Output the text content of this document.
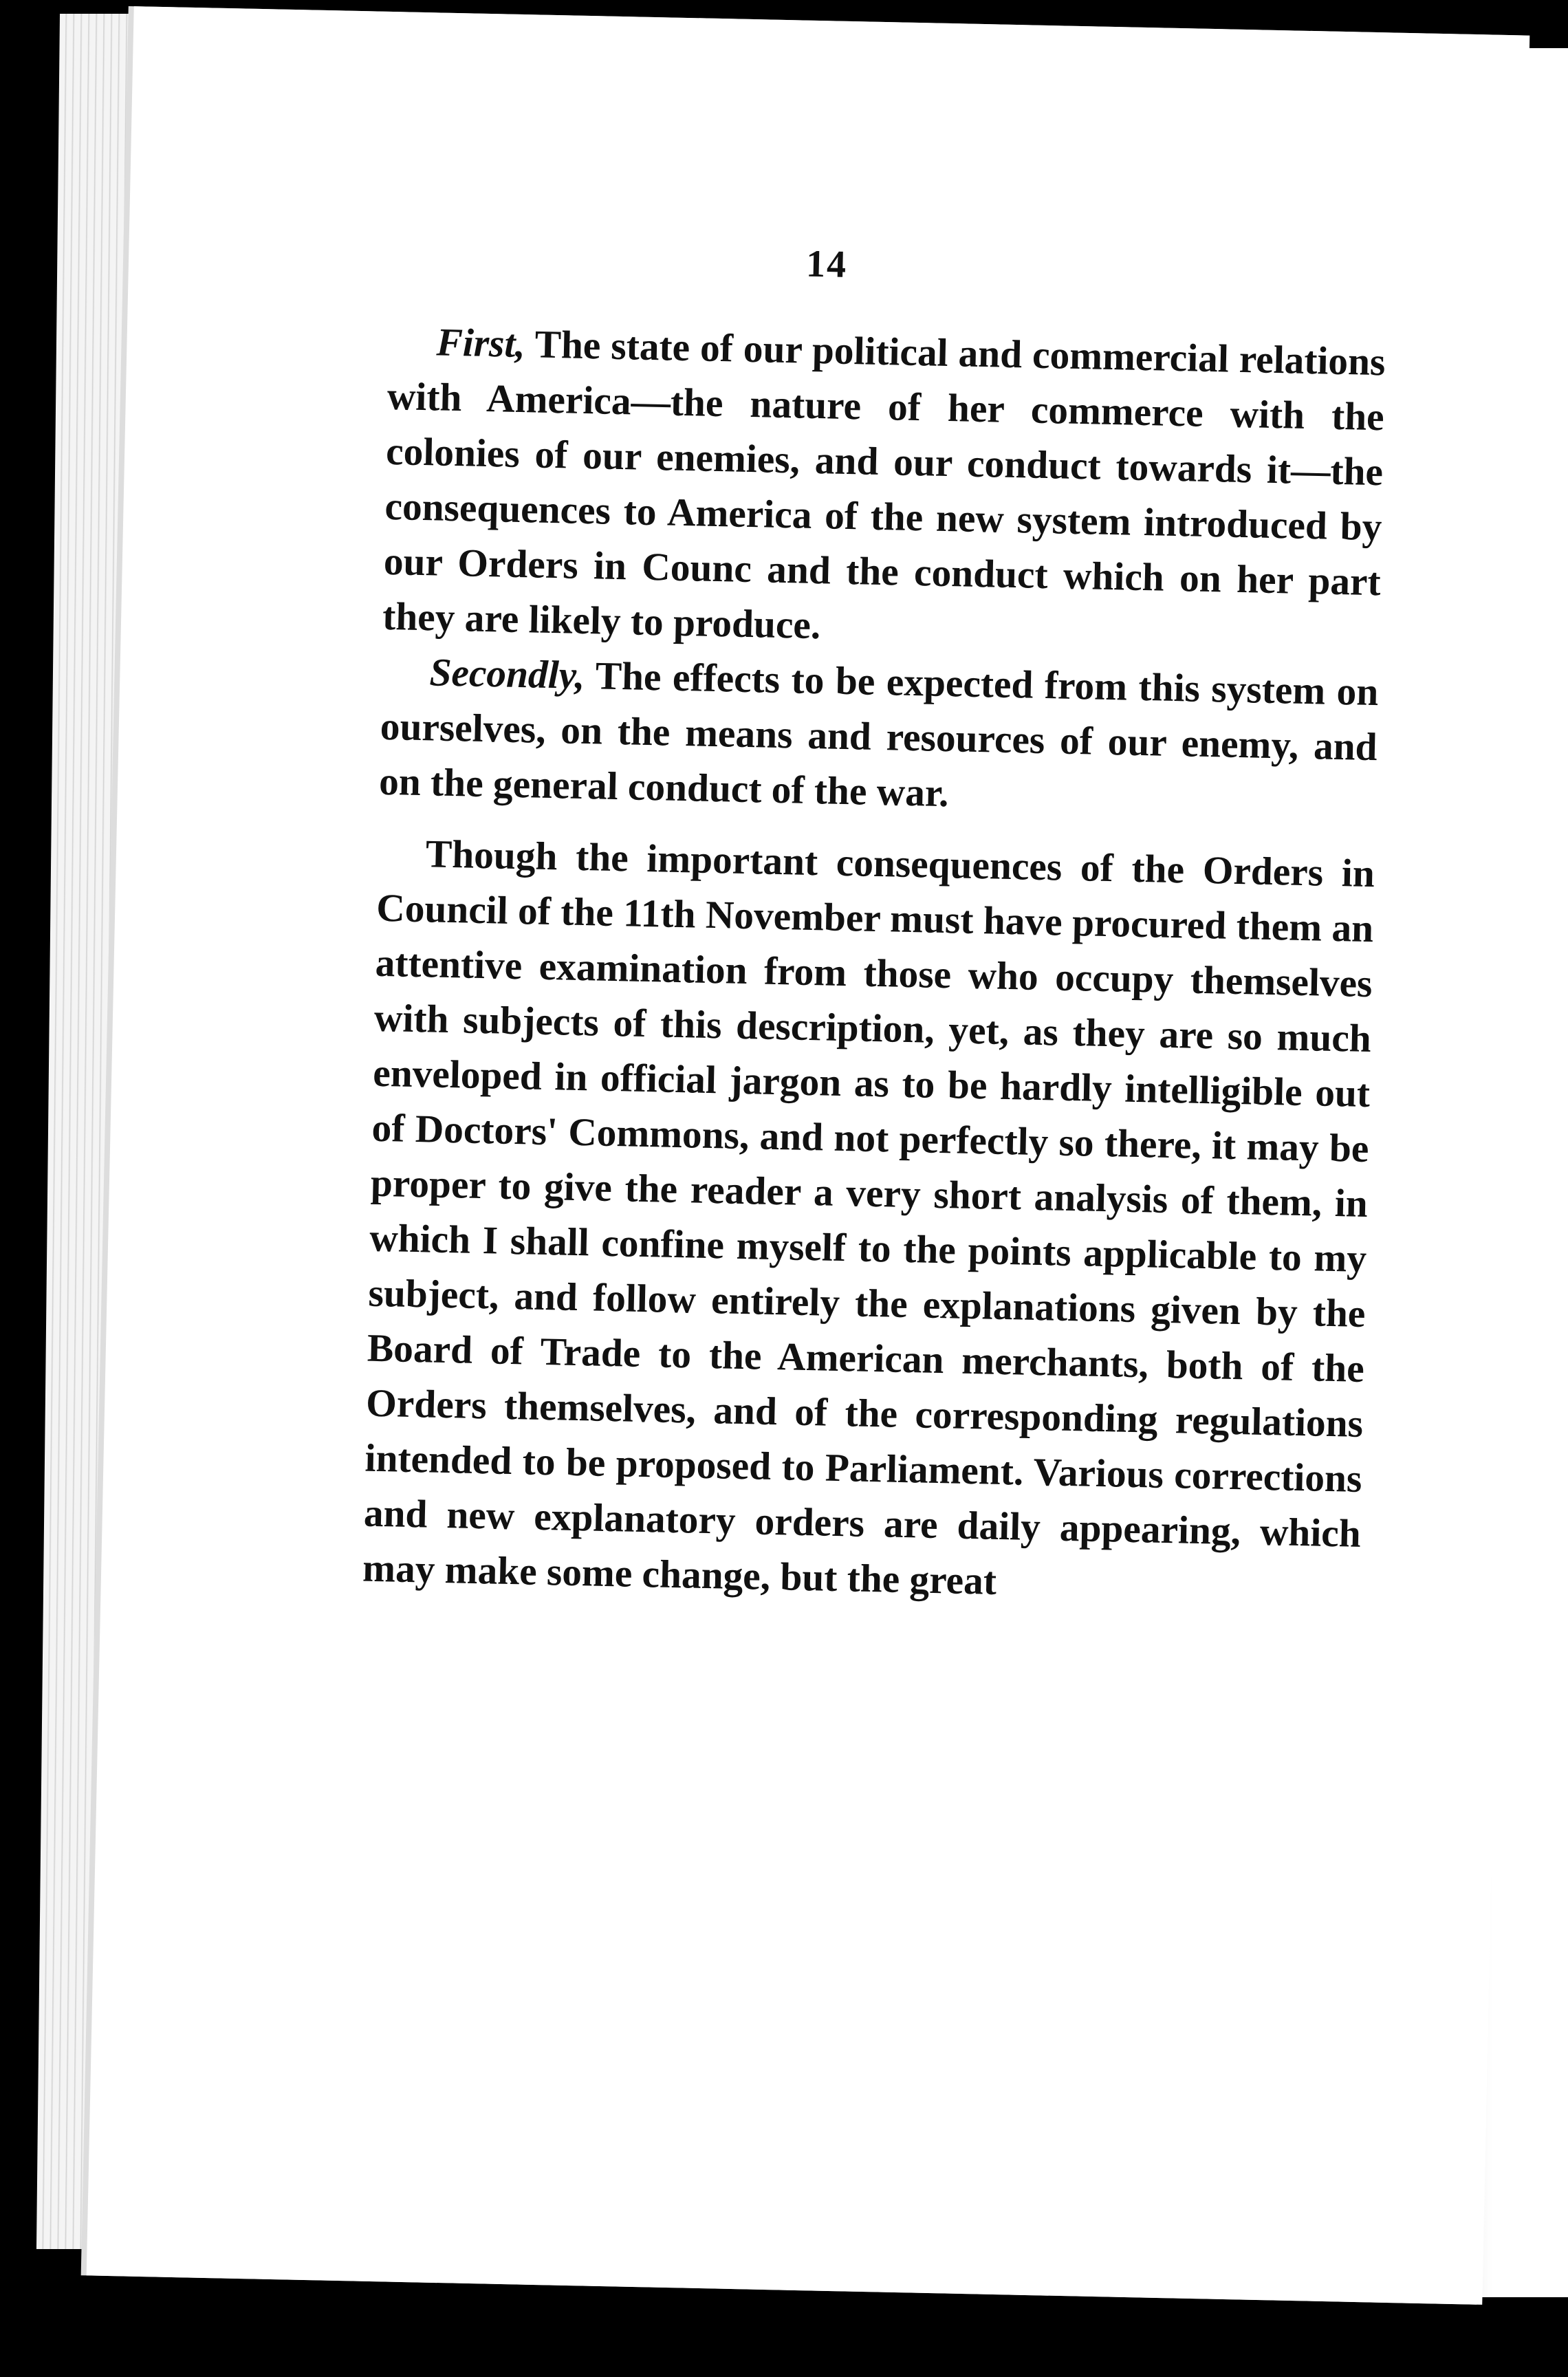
14

First, The state of our political and commercial relations with America—the nature of her commerce with the colonies of our enemies, and our conduct towards it—the consequences to America of the new system introduced by our Orders in Counc and the conduct which on her part they are likely to produce.

Secondly, The effects to be expected from this system on ourselves, on the means and resources of our enemy, and on the general conduct of the war.

Though the important consequences of the Orders in Council of the 11th November must have procured them an attentive examination from those who occupy themselves with subjects of this description, yet, as they are so much enveloped in official jargon as to be hardly intelligible out of Doctors' Commons, and not perfectly so there, it may be proper to give the reader a very short analysis of them, in which I shall confine myself to the points applicable to my subject, and follow entirely the explanations given by the Board of Trade to the American merchants, both of the Orders themselves, and of the corresponding regulations intended to be proposed to Parliament. Various corrections and new explanatory orders are daily appearing, which may make some change, but the great
